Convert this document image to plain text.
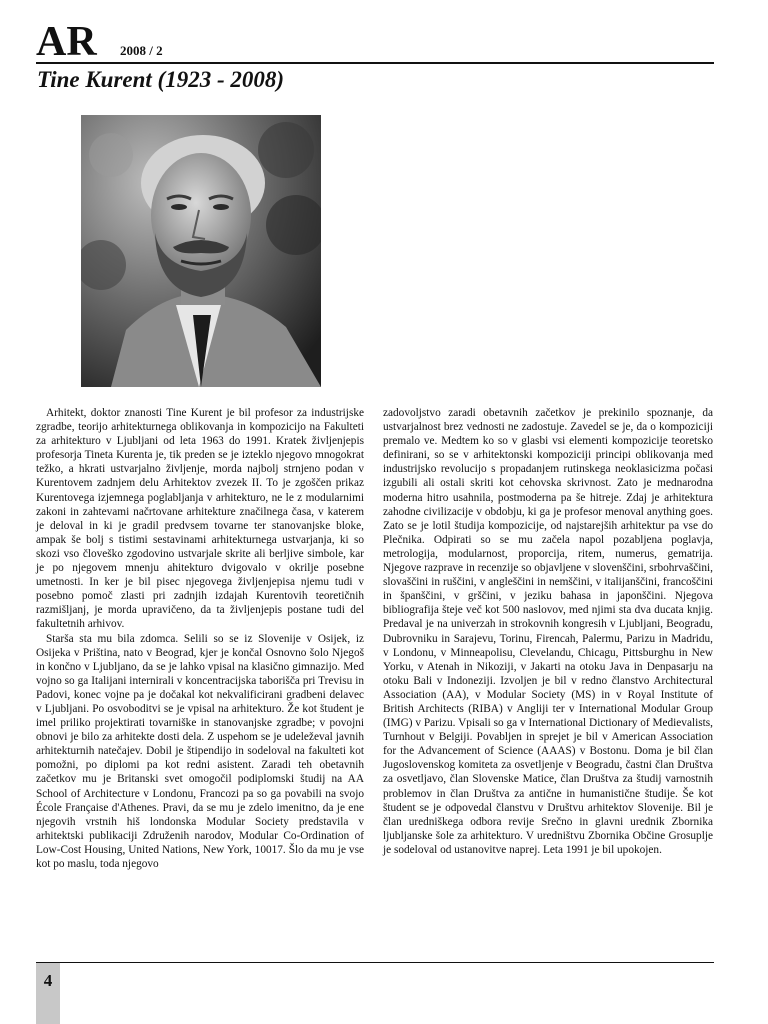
AR 2008 / 2
Tine Kurent (1923 - 2008)

Arhitekt, doktor znanosti Tine Kurent je bil profesor za industrijske zgradbe, teorijo arhitekturnega oblikovanja in kompozicijo na Fakulteti za arhitekturo v Ljubljani od leta 1963 do 1991. Kratek življenjepis profesorja Tineta Kurenta je, tik preden se je izteklo njegovo mnogokrat težko, a hkrati ustvarjalno življenje, morda najbolj strnjeno podan v Kurentovem zadnjem delu Arhitektov zvezek II. To je zgoščen prikaz Kurentovega izjemnega poglabljanja v arhitekturo, ne le z modularnimi zakoni in zahtevami načrtovane arhitekture značilnega časa, v katerem je deloval in ki je gradil predvsem tovarne ter stanovanjske bloke, ampak še bolj s tistimi sestavinami arhitekturnega ustvarjanja, ki so skozi vso človeško zgodovino ustvarjale skrite ali berljive simbole, kar je po njegovem mnenju ahitekturo dvigovalo v okrilje posebne umetnosti. In ker je bil pisec njegovega življenjepisa njemu tudi v posebno pomoč zlasti pri zadnjih izdajah Kurentovih teoretičnih razmišljanj, je morda upravičeno, da ta življenjepis postane tudi del fakultetnih arhivov.

Starša sta mu bila zdomca. Selili so se iz Slovenije v Osijek, iz Osijeka v Priština, nato v Beograd, kjer je končal Osnovno šolo Njegoš in končno v Ljubljano, da se je lahko vpisal na klasično gimnazijo. Med vojno so ga Italijani internirali v koncentracijska taborišča pri Trevisu in Padovi, konec vojne pa je dočakal kot nekvalificirani gradbeni delavec v Ljubljani. Po osvoboditvi se je vpisal na arhitekturo. Že kot študent je imel priliko projektirati tovarniške in stanovanjske zgradbe; v povojni obnovi je bilo za arhitekte dosti dela. Z uspehom se je udeleževal javnih arhitekturnih natečajev. Dobil je štipendijo in sodeloval na fakulteti kot pomožni, po diplomi pa kot redni asistent. Zaradi teh obetavnih začetkov mu je Britanski svet omogočil podiplomski študij na AA School of Architecture v Londonu, Francozi pa so ga povabili na svojo École Française d'Athenes. Pravi, da se mu je zdelo imenitno, da je ene njegovih vrstnih hiš londonska Modular Society predstavila v arhitektski publikaciji Združenih narodov, Modular Co-Ordination of Low-Cost Housing, United Nations, New York, 10017. Šlo da mu je vse kot po maslu, toda njegovo

zadovoljstvo zaradi obetavnih začetkov je prekinilo spoznanje, da ustvarjalnost brez vednosti ne zadostuje. Zavedel se je, da o kompoziciji premalo ve. Medtem ko so v glasbi vsi elementi kompozicije teoretsko definirani, so se v arhitektonski kompoziciji principi oblikovanja med industrijsko revolucijo s propadanjem rutinskega neoklasicizma počasi izgubili ali ostali skriti kot cehovska skrivnost. Zato je mednarodna moderna hitro usahnila, postmoderna pa še hitreje. Zdaj je arhitektura zahodne civilizacije v obdobju, ki ga je profesor menoval anything goes. Zato se je lotil študija kompozicije, od najstarejših arhitektur pa vse do Plečnika. Odpirati so se mu začela napol pozabljena poglavja, metrologija, modularnost, proporcija, ritem, numerus, gematrija. Njegove razprave in recenzije so objavljene v slovenščini, srbohrvaščini, slovaščini in ruščini, v angleščini in nemščini, v italijanščini, francoščini in španščini, v grščini, v jeziku bahasa in japonščini. Njegova bibliografija šteje več kot 500 naslovov, med njimi sta dva ducata knjig. Predaval je na univerzah in strokovnih kongresih v Ljubljani, Beogradu, Dubrovniku in Sarajevu, Torinu, Firencah, Palermu, Parizu in Madridu, v Londonu, v Minneapolisu, Clevelandu, Chicagu, Pittsburghu in New Yorku, v Atenah in Nikoziji, v Jakarti na otoku Java in Denpasarju na otoku Bali v Indoneziji. Izvoljen je bil v redno članstvo Architectural Association (AA), v Modular Society (MS) in v Royal Institute of British Architects (RIBA) v Angliji ter v International Modular Group (IMG) v Parizu. Vpisali so ga v International Dictionary of Medievalists, Turnhout v Belgiji. Povabljen in sprejet je bil v American Association for the Advancement of Science (AAAS) v Bostonu. Doma je bil član Jugoslovenskog komiteta za osvetljenje v Beogradu, častni član Društva za osvetljavo, član Slovenske Matice, član Društva za študij varnostnih problemov in član Društva za antične in humanistične študije. Še kot študent se je odpovedal članstvu v Društvu arhitektov Slovenije. Bil je član uredniškega odbora revije Srečno in glavni urednik Zbornika ljubljanske šole za arhitekturo. V uredništvu Zbornika Občine Grosuplje je sodeloval od ustanovitve naprej. Leta 1991 je bil upokojen.

4
